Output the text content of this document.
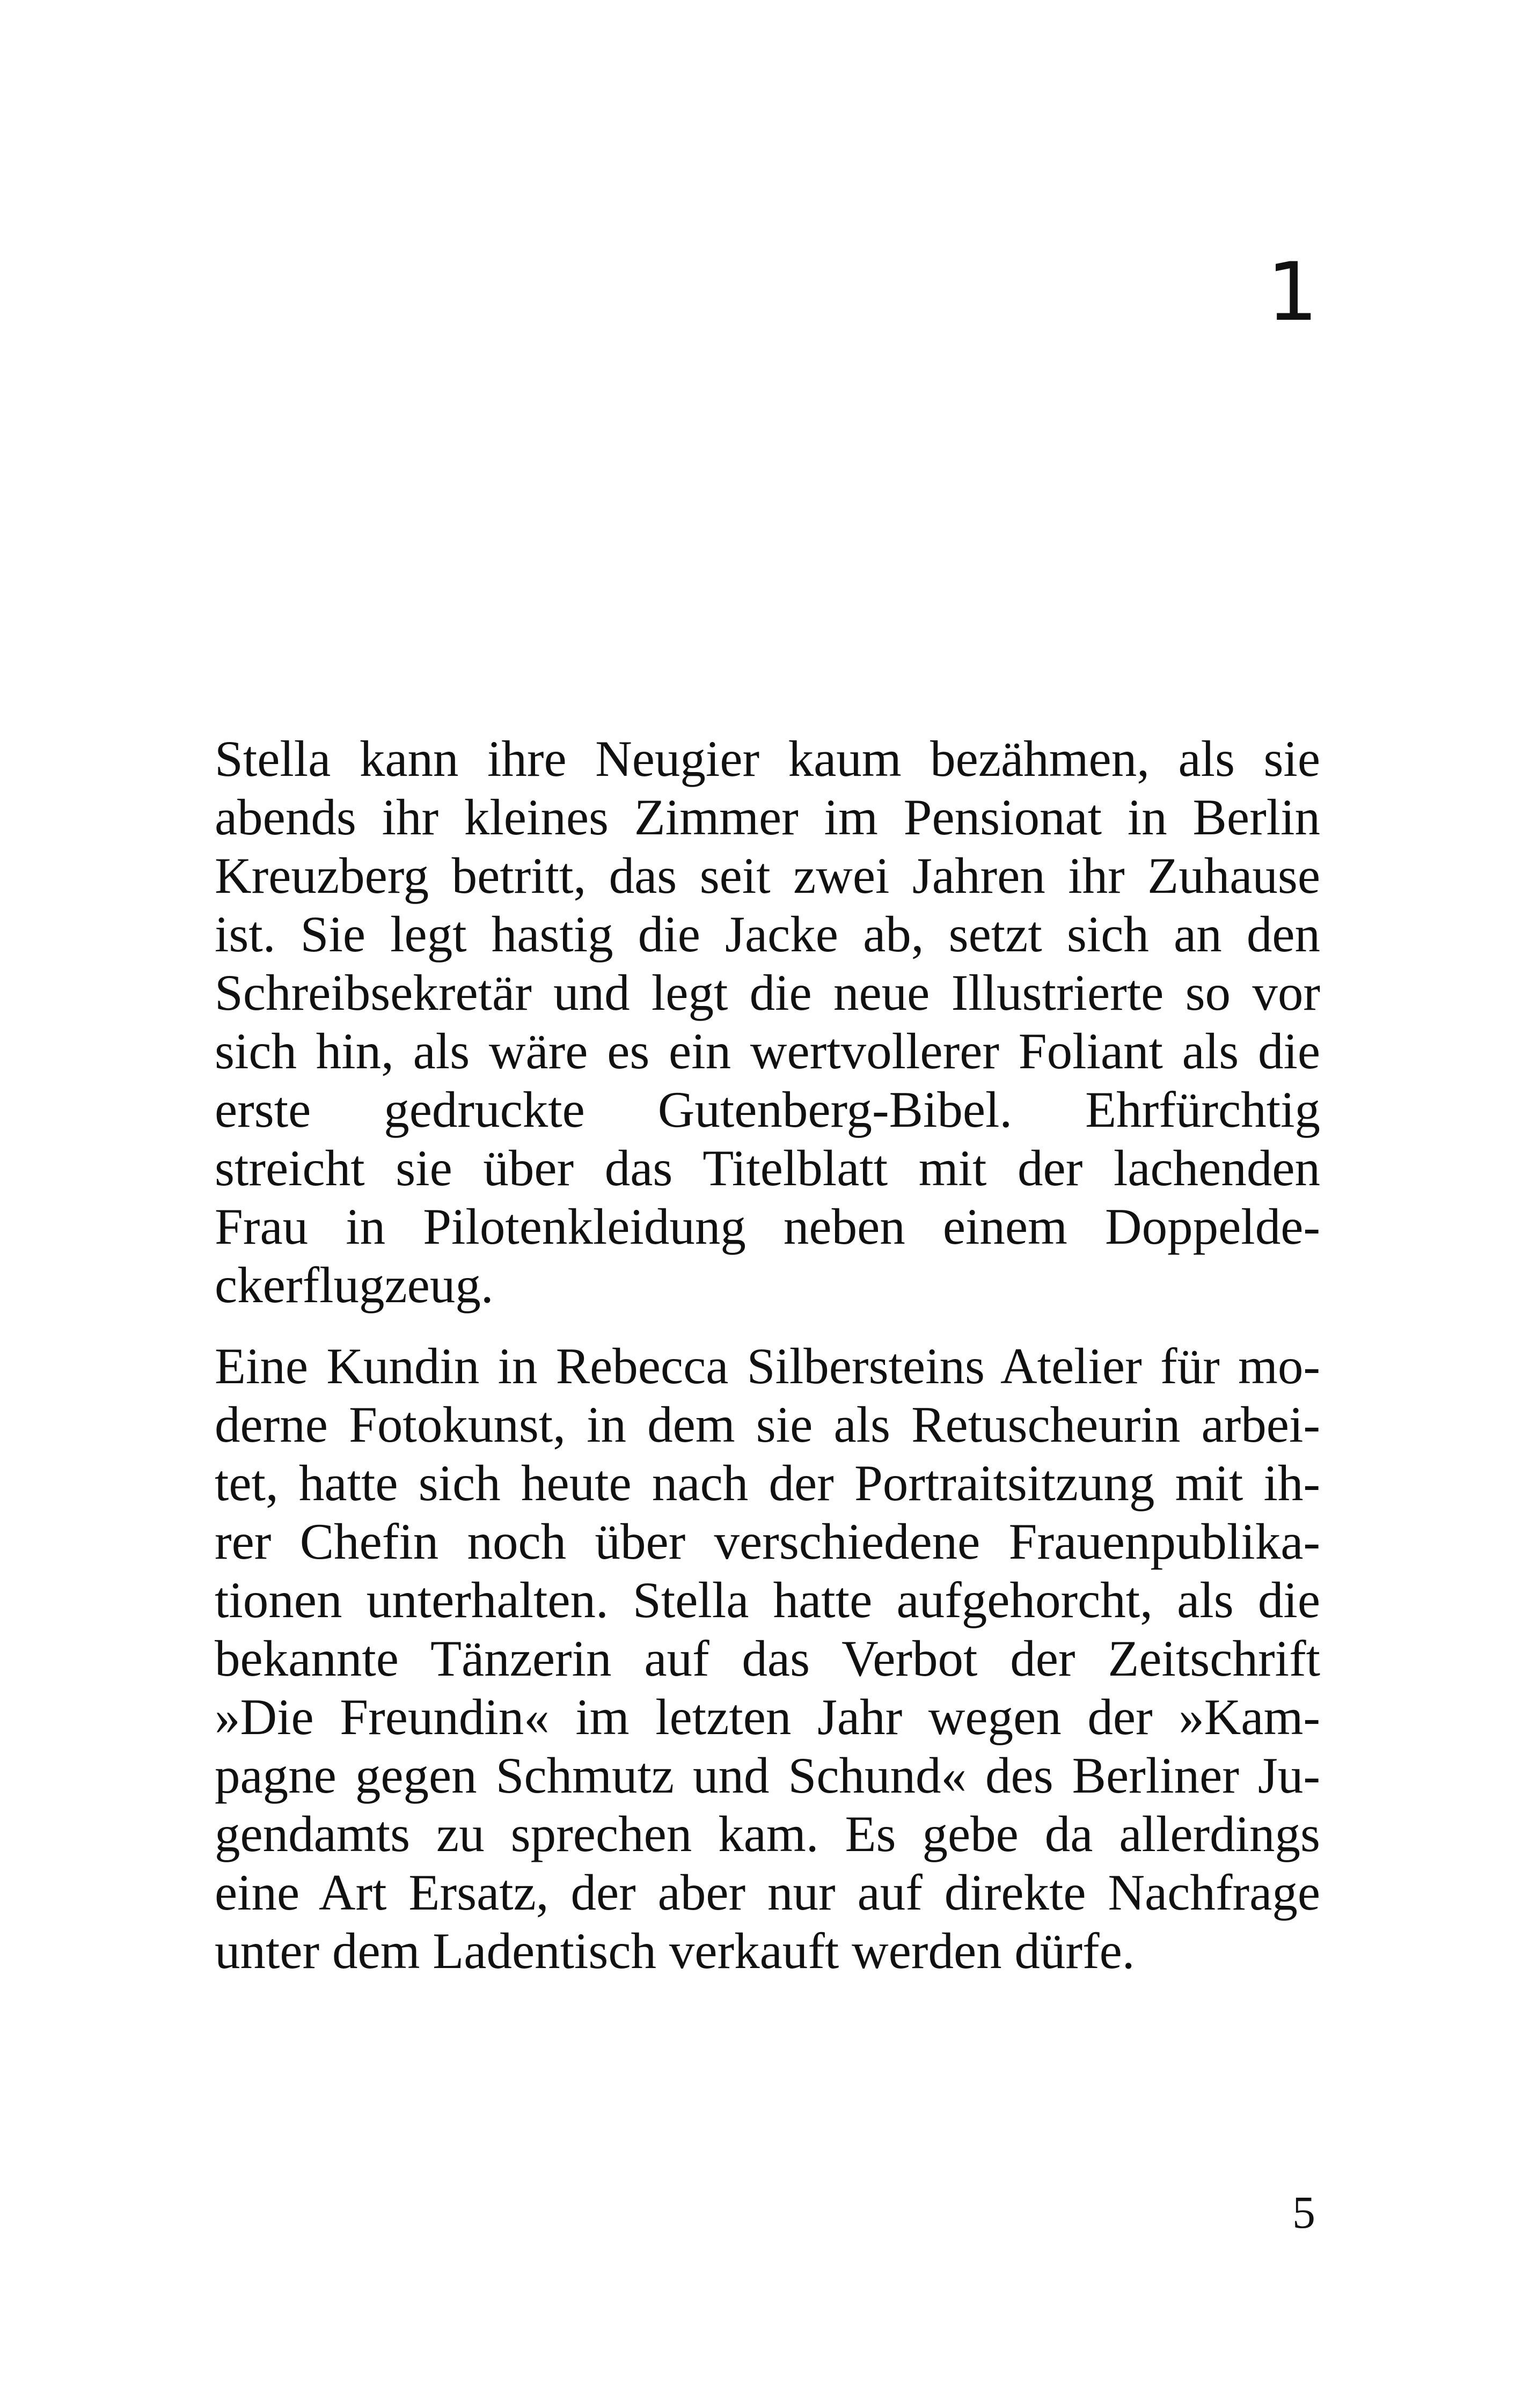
1

Stella kann ihre Neugier kaum bezähmen, als sie
abends ihr kleines Zimmer im Pensionat in Berlin
Kreuzberg betritt, das seit zwei Jahren ihr Zuhause
ist. Sie legt hastig die Jacke ab, setzt sich an den
Schreibsekretär und legt die neue Illustrierte so vor
sich hin, als wäre es ein wertvollerer Foliant als die
erste gedruckte Gutenberg-Bibel. Ehrfürchtig
streicht sie über das Titelblatt mit der lachenden
Frau in Pilotenkleidung neben einem Doppelde-
ckerflugzeug.

Eine Kundin in Rebecca Silbersteins Atelier für mo-
derne Fotokunst, in dem sie als Retuscheurin arbei-
tet, hatte sich heute nach der Portraitsitzung mit ih-
rer Chefin noch über verschiedene Frauenpublika-
tionen unterhalten. Stella hatte aufgehorcht, als die
bekannte Tänzerin auf das Verbot der Zeitschrift
»Die Freundin« im letzten Jahr wegen der »Kam-
pagne gegen Schmutz und Schund« des Berliner Ju-
gendamts zu sprechen kam. Es gebe da allerdings
eine Art Ersatz, der aber nur auf direkte Nachfrage
unter dem Ladentisch verkauft werden dürfe.

5
